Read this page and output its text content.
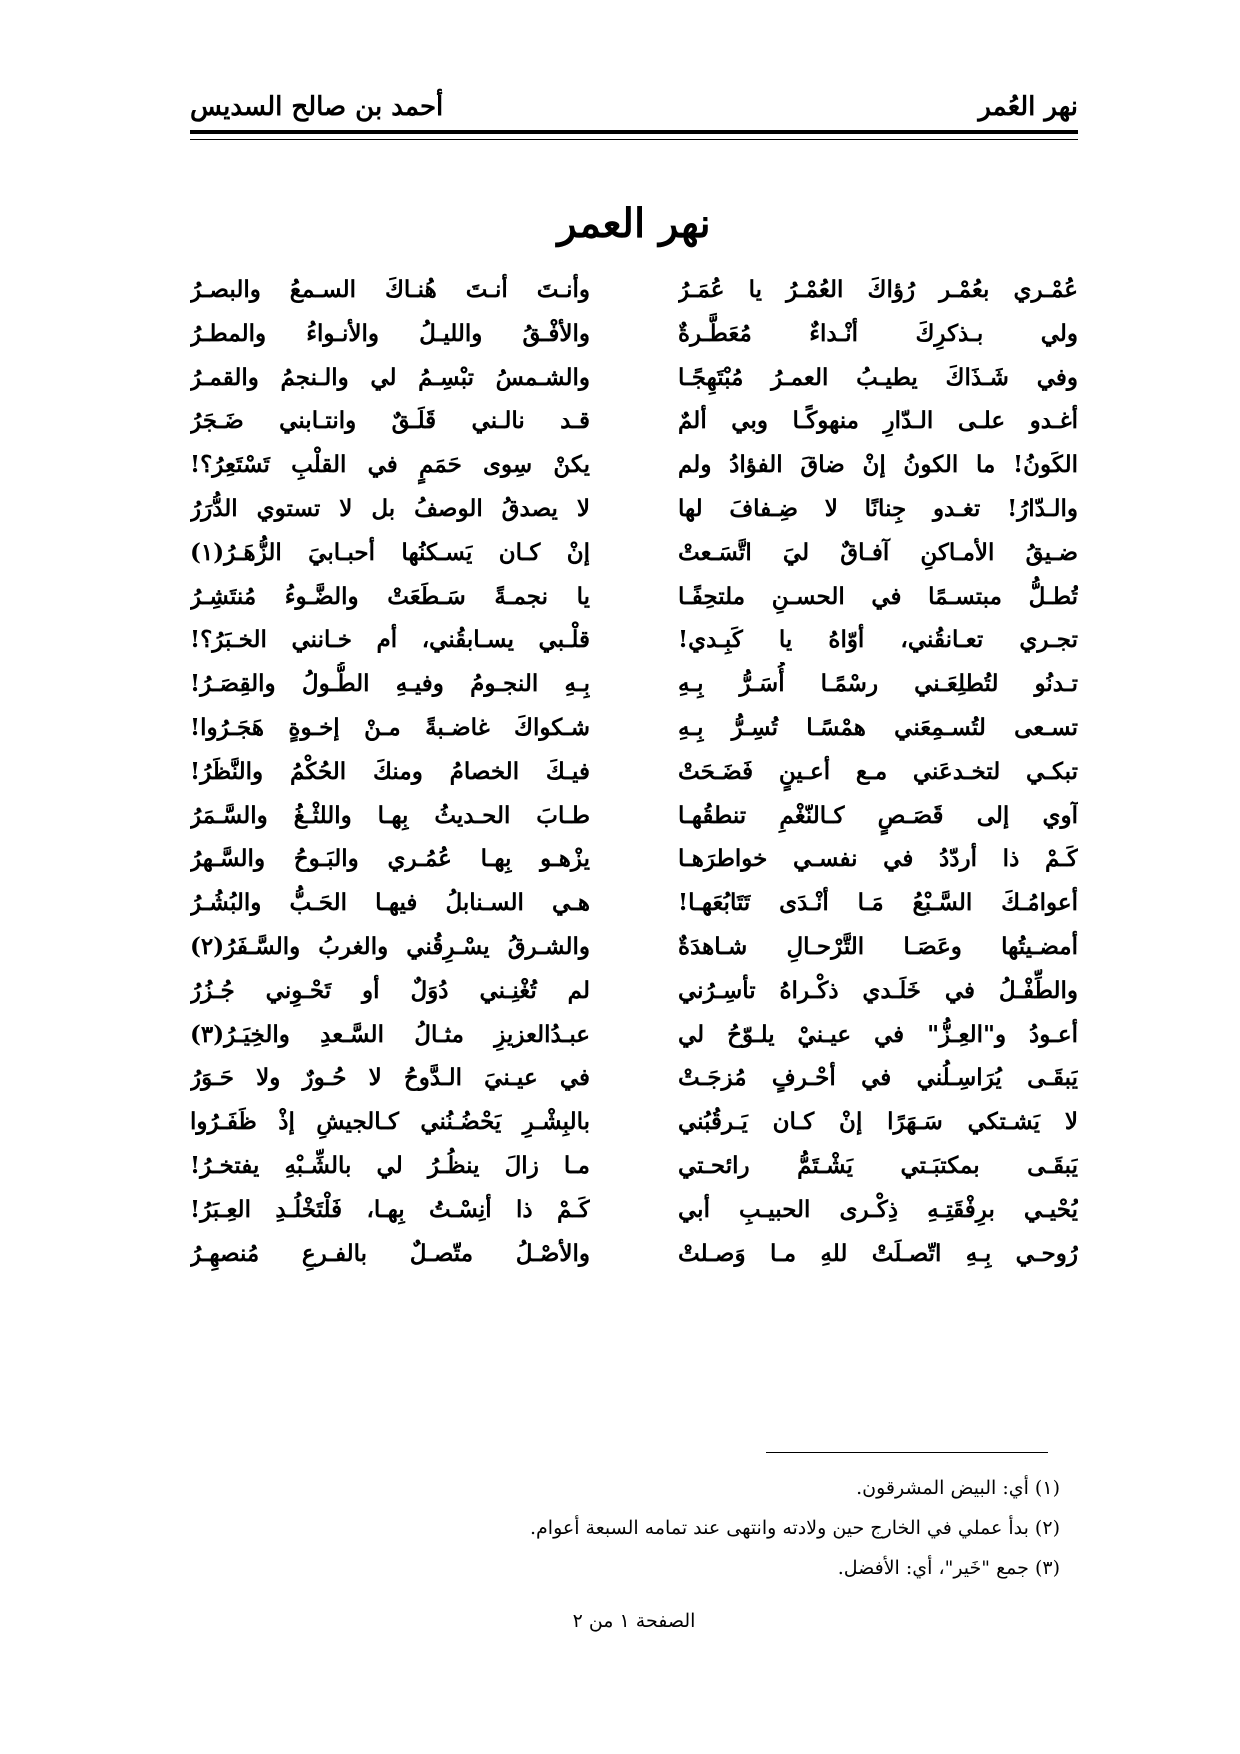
نهر العُمر
أحمد بن صالح السديس
نهر العمر
عُمْـري بعُمْـر رُؤاكَ العُمْـرُ يا عُمَـرُ
ولي بـذكرِكَ أنْـداءٌ مُعَطَّـرةٌ
وفي شَـذَاكَ يطيـبُ العمـرُ مُبْتَهِجًـا
أغـدو علـى الـدّارِ منهوكًـا وبي ألمٌ
الكَونُ! ما الكونُ إنْ ضاقَ الفؤادُ ولم
والـدّارُ! تغـدو جِنانًا لا ضِـفافَ لها
ضـيقُ الأمـاكنِ آفـاقٌ ليَ اتَّسَـعتْ
تُطـلُّ مبتسـمًا في الحسـنِ ملتحِفًـا
تجـري تعـانقُني، أوّاهُ يا كَبِـدي!
تـدنُو لتُطلِعَـني رسْمًـا أُسَـرُّ بِـهِ
تسـعى لتُسـمِعَني همْسًـا تُسِـرُّ بِـهِ
تبكـي لتخـدعَني مـع أعـينٍ فَضَـحَتْ
آوي إلى قَصَـصٍ كـالنّغْمِ تنطقُهـا
كَـمْ ذا أردّدُ في نفسـي خواطرَهـا
أعوامُـكَ السَّـبْعُ مَـا أنْـدَى تَتَابُعَهـا!
أمضـيتُها وعَصَـا التَّرْحـالِ شـاهدَةٌ
والطِّفْـلُ في خَلَـدي ذكْـراهُ تأسِـرُني
أعـودُ و"العِـزُّ" في عيـنيْ يلـوّحُ لي
يَبقَـى يُرَاسِـلُني في أحْـرفٍ مُزجَـتْ
لا يَشـتكي سَـهَرًا إنْ كـان يَـرقُبُني
يَبقَـى بمكتبَـتي يَشْـتَمُّ رائحـتي
يُحْيـي برِفْقَتِـهِ ذِكْـرى الحبيـبِ أبي
رُوحـي بِـهِ اتّصـلَتْ للهِ مـا وَصـلتْ
وأنـتَ أنـتَ هُنـاكَ السـمعُ والبصـرُ
والأفْـقُ والليـلُ والأنـواءُ والمطـرُ
والشـمسُ تبْسِـمُ لي والـنجمُ والقمـرُ
قـد نالـني قَلَـقٌ وانتـابني ضَـجَرُ
يكنْ سِوى حَمَمٍ في القلْبِ تَسْتَعِرُ؟!
لا يصدقُ الوصفُ بل لا تستوي الدُّرَرُ
إنْ كـان يَسـكنُها أحبـابيَ الزُّهَـرُ(١)
يا نجمـةً سَـطَعَتْ والضَّـوءُ مُنتَشِـرُ
قلْـبي يسـابقُني، أم خـانني الخـبَرُ؟!
بِـهِ النجـومُ وفيـهِ الطُّـولُ والقِصَـرُ!
شـكواكَ غاضـبةً مـنْ إخـوةٍ هَجَـرُوا!
فيـكَ الخصامُ ومنكَ الحُكْمُ والنَّظَرُ!
طـابَ الحـديثُ بِهـا واللثْـغُ والسَّـمَرُ
يزْهـو بِهـا عُمُـري والبَـوحُ والسَّـهرُ
هـي السـنابلُ فيهـا الحَـبُّ والبُشُـرُ
والشـرقُ يسْـرِقُني والغربُ والسَّـفَرُ(٢)
لم تُغْنِـني دُوَلٌ أو تَحْـوِني جُـزُرُ
عبـدُالعزيزِ مثـالُ السَّـعدِ والخِيَـرُ(٣)
في عيـنيَ الـدَّوحُ لا حُـورٌ ولا حَـوَرُ
بالبِشْـرِ يَحْضُـنُني كـالجيشِ إذْ ظَفَـرُوا
مـا زالَ ينظُـرُ لي بالشِّـبْهِ يفتخـرُ!
كَـمْ ذا أنِسْـتُ بِهـا، فَلْتَخْلُـدِ العِـبَرُ!
والأصْـلُ متّصـلٌ بالفـرعِ مُنصهِـرُ
(١) أي: البيض المشرقون.
(٢) بدأ عملي في الخارج حين ولادته وانتهى عند تمامه السبعة أعوام.
(٣) جمع "خَير"، أي: الأفضل.
الصفحة ١ من ٢
